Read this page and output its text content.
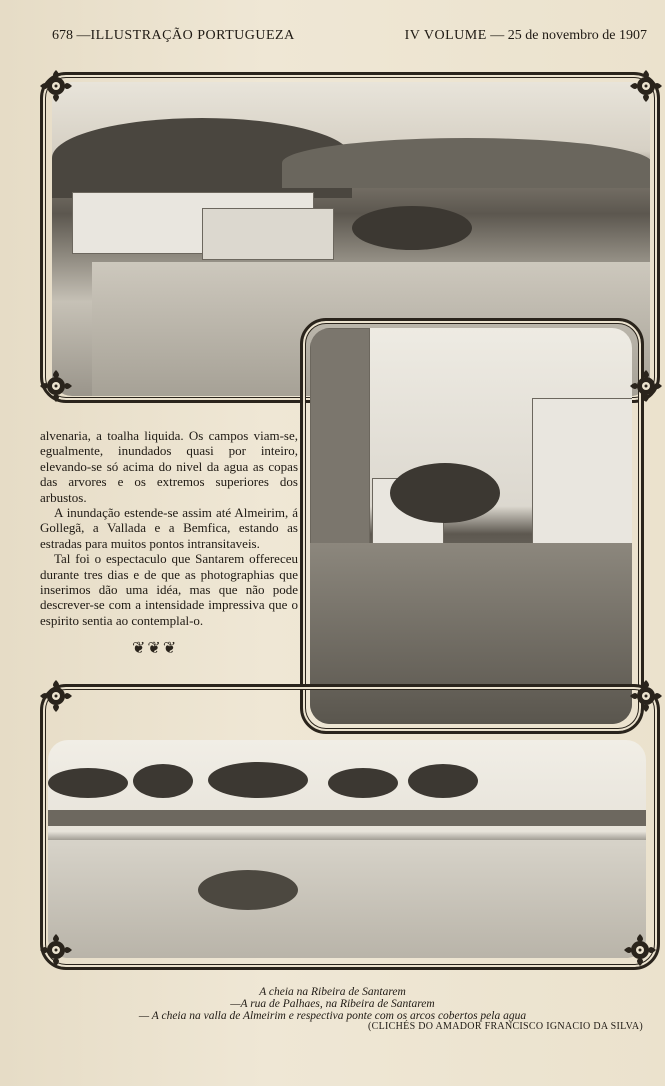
678 —ILLUSTRAÇÃO PORTUGUEZA	IV VOLUME — 25 de novembro de 1907

alvenaria, a toalha liquida. Os campos viam-se, egualmente, inundados quasi por inteiro, elevando-se só acima do nivel da agua as copas das arvores e os extremos superiores dos arbustos.

A inundação estende-se assim até Almeirim, á Gollegã, a Vallada e a Bemfica, estando as estradas para muitos pontos intransitaveis.

Tal foi o espectaculo que Santarem offereceu durante tres dias e de que as photographias que inserimos dão uma idéa, mas que não pode descrever-se com a intensidade impressiva que o espirito sentia ao contemplal-o.

❦❦❦
A cheia na Ribeira de Santarem
—A rua de Palhaes, na Ribeira de Santarem
— A cheia na valla de Almeirim e respectiva ponte com os arcos cobertos pela agua
(CLICHÉS DO AMADOR FRANCISCO IGNACIO DA SILVA)
